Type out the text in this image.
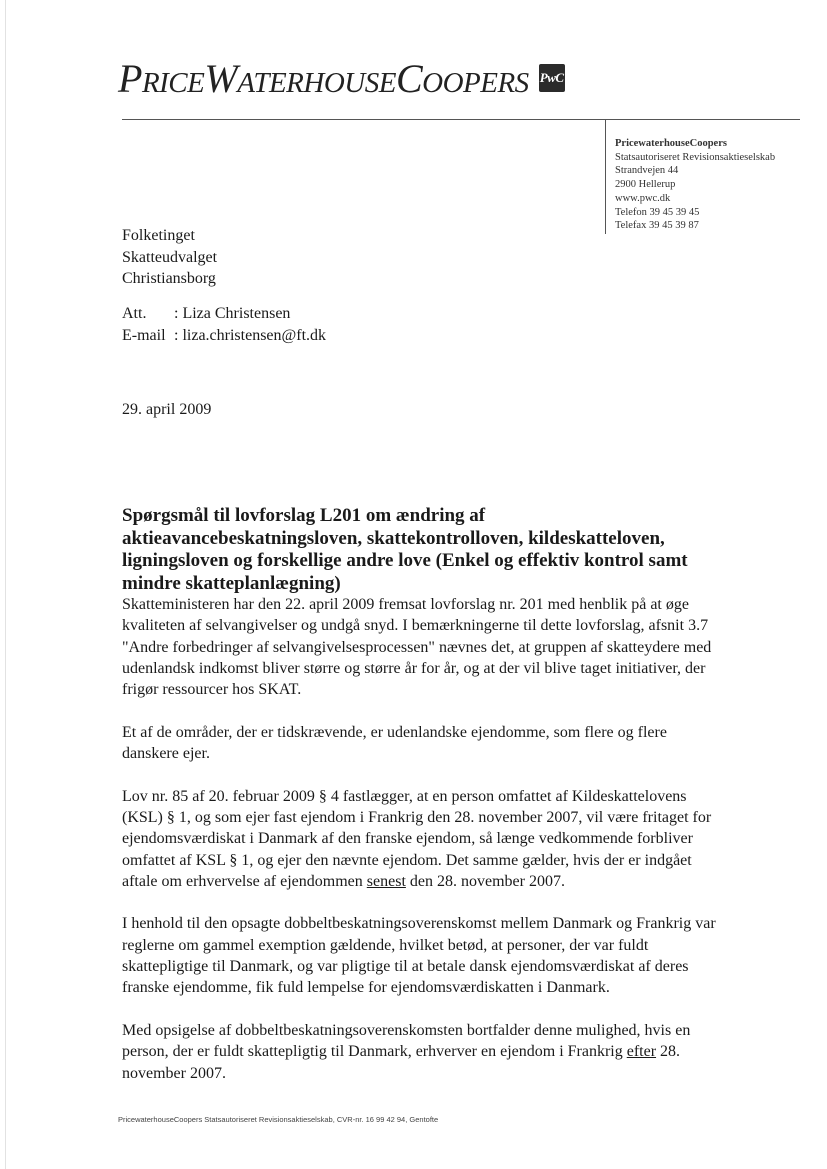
PRICEWATERHOUSECOOPERS PwC
PricewaterhouseCoopers
Statsautoriseret Revisionsaktieselskab
Strandvejen 44
2900 Hellerup
www.pwc.dk
Telefon 39 45 39 45
Telefax 39 45 39 87
Folketinget
Skatteudvalget
Christiansborg
Att.	: Liza Christensen
E-mail : liza.christensen@ft.dk
29. april 2009
Spørgsmål til lovforslag L201 om ændring af aktieavancebeskatningsloven, skattekontrolloven, kildeskatteloven, ligningsloven og forskellige andre love (Enkel og effektiv kontrol samt mindre skatteplanlægning)

Skatteministeren har den 22. april 2009 fremsat lovforslag nr. 201 med henblik på at øge kvaliteten af selvangivelser og undgå snyd. I bemærkningerne til dette lovforslag, afsnit 3.7 "Andre forbedringer af selvangivelsesprocessen" nævnes det, at gruppen af skatteydere med udenlandsk indkomst bliver større og større år for år, og at der vil blive taget initiativer, der frigør ressourcer hos SKAT.

Et af de områder, der er tidskrævende, er udenlandske ejendomme, som flere og flere danskere ejer.

Lov nr. 85 af 20. februar 2009 § 4 fastlægger, at en person omfattet af Kildeskattelovens (KSL) § 1, og som ejer fast ejendom i Frankrig den 28. november 2007, vil være fritaget for ejendomsværdiskat i Danmark af den franske ejendom, så længe vedkommende forbliver omfattet af KSL § 1, og ejer den nævnte ejendom. Det samme gælder, hvis der er indgået aftale om erhvervelse af ejendommen senest den 28. november 2007.

I henhold til den opsagte dobbeltbeskatningsoverenskomst mellem Danmark og Frankrig var reglerne om gammel exemption gældende, hvilket betød, at personer, der var fuldt skattepligtige til Danmark, og var pligtige til at betale dansk ejendomsværdiskat af deres franske ejendomme, fik fuld lempelse for ejendomsværdiskatten i Danmark.

Med opsigelse af dobbeltbeskatningsoverenskomsten bortfalder denne mulighed, hvis en person, der er fuldt skattepligtig til Danmark, erhverver en ejendom i Frankrig efter 28. november 2007.

PricewaterhouseCoopers Statsautoriseret Revisionsaktieselskab, CVR-nr. 16 99 42 94, Gentofte
